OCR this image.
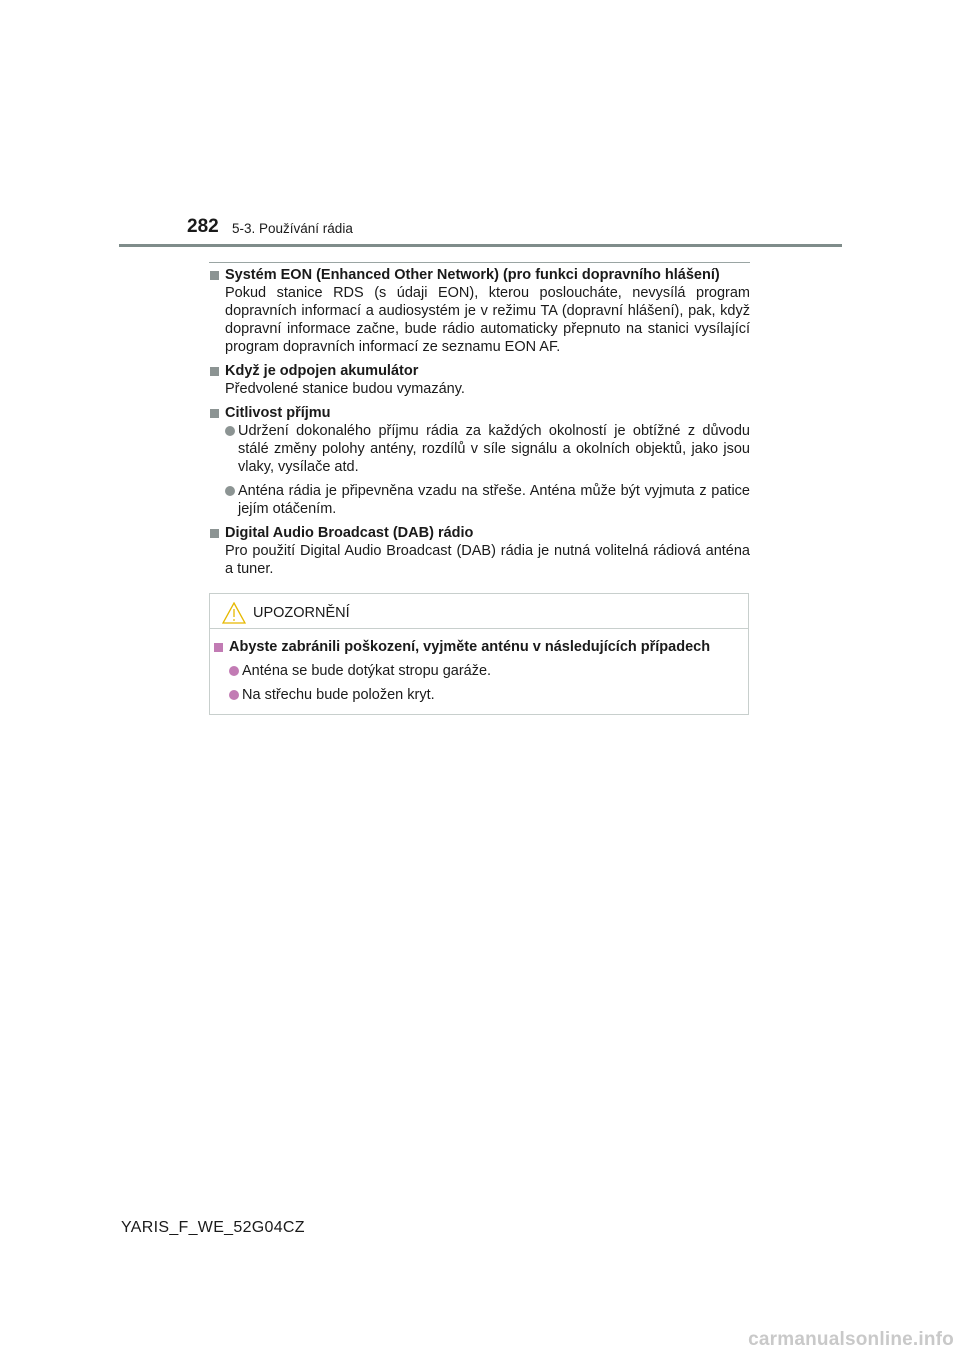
282 5-3. Používání rádia
Systém EON (Enhanced Other Network) (pro funkci dopravního hlášení)
Pokud stanice RDS (s údaji EON), kterou posloucháte, nevysílá program dopravních informací a audiosystém je v režimu TA (dopravní hlášení), pak, když dopravní informace začne, bude rádio automaticky přepnuto na stanici vysílající program dopravních informací ze seznamu EON AF.
Když je odpojen akumulátor
Předvolené stanice budou vymazány.
Citlivost příjmu
Udržení dokonalého příjmu rádia za každých okolností je obtížné z důvodu stálé změny polohy antény, rozdílů v síle signálu a okolních objektů, jako jsou vlaky, vysílače atd.
Anténa rádia je připevněna vzadu na střeše. Anténa může být vyjmuta z patice jejím otáčením.
Digital Audio Broadcast (DAB) rádio
Pro použití Digital Audio Broadcast (DAB) rádia je nutná volitelná rádiová anténa a tuner.
UPOZORNĚNÍ
Abyste zabránili poškození, vyjměte anténu v následujících případech
Anténa se bude dotýkat stropu garáže.
Na střechu bude položen kryt.
YARIS_F_WE_52G04CZ
carmanualsonline.info
